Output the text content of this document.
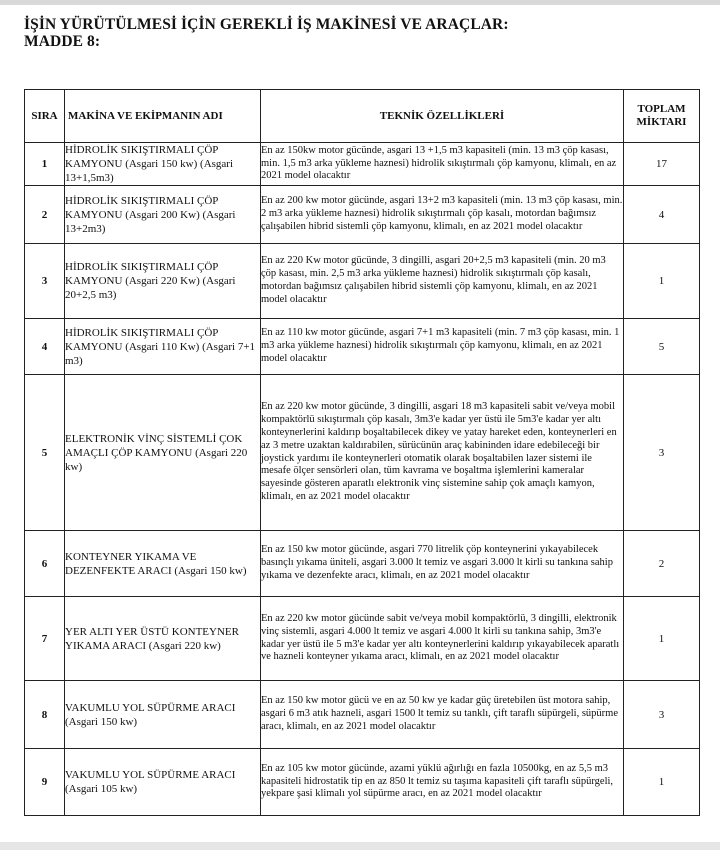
İŞİN YÜRÜTÜLMESİ İÇİN GEREKLİ İŞ MAKİNESİ VE ARAÇLAR:
MADDE 8:
SIRA	MAKİNA VE EKİPMANIN ADI	TEKNİK ÖZELLİKLERİ	TOPLAM
MİKTARI

1	HİDROLİK SIKIŞTIRMALI ÇÖP KAMYONU (Asgari 150 kw) (Asgari 13+1,5m3)	En az 150kw motor gücünde, asgari 13 +1,5 m3 kapasiteli (min. 13 m3 çöp kasası, min. 1,5 m3 arka yükleme haznesi) hidrolik sıkıştırmalı çöp kamyonu, klimalı, en az 2021 model olacaktır	17
2	HİDROLİK SIKIŞTIRMALI ÇÖP KAMYONU (Asgari 200 Kw) (Asgari 13+2m3)	En az 200 kw motor gücünde, asgari 13+2 m3 kapasiteli (min. 13 m3 çöp kasası, min. 2 m3 arka yükleme haznesi) hidrolik sıkıştırmalı çöp kasalı, motordan bağımsız çalışabilen hibrid sistemli çöp kamyonu, klimalı, en az 2021 model olacaktır	4
3	HİDROLİK SIKIŞTIRMALI ÇÖP KAMYONU (Asgari 220 Kw) (Asgari 20+2,5 m3)	En az 220 Kw motor gücünde, 3 dingilli, asgari 20+2,5 m3 kapasiteli (min. 20 m3 çöp kasası, min. 2,5 m3 arka yükleme haznesi) hidrolik sıkıştırmalı çöp kasalı, motordan bağımsız çalışabilen hibrid sistemli çöp kamyonu, klimalı, en az 2021 model olacaktır	1
4	HİDROLİK SIKIŞTIRMALI ÇÖP KAMYONU (Asgari 110 Kw) (Asgari 7+1 m3)	En az 110 kw motor gücünde, asgari 7+1 m3 kapasiteli (min. 7 m3 çöp kasası, min. 1 m3 arka yükleme haznesi) hidrolik sıkıştırmalı çöp kamyonu, klimalı, en az 2021 model olacaktır	5
5	ELEKTRONİK VİNÇ SİSTEMLİ ÇOK AMAÇLI ÇÖP KAMYONU (Asgari 220 kw)	En az 220 kw motor gücünde, 3 dingilli, asgari 18 m3 kapasiteli sabit ve/veya mobil kompaktörlü sıkıştırmalı çöp kasalı, 3m3'e kadar yer üstü ile 5m3'e kadar yer altı konteynerlerini kaldırıp boşaltabilecek dikey ve yatay hareket eden, konteynerleri en az 3 metre uzaktan kaldırabilen, sürücünün araç kabininden idare edebileceği bir joystick yardımı ile konteynerleri otomatik olarak boşaltabilen lazer sistemi ile mesafe ölçer sensörleri olan, tüm kavrama ve boşaltma işlemlerini kameralar sayesinde gösteren aparatlı elektronik vinç sistemine sahip çok amaçlı kamyon, klimalı, en az 2021 model olacaktır	3
6	KONTEYNER YIKAMA VE DEZENFEKTE ARACI (Asgari 150 kw)	En az 150 kw motor gücünde, asgari 770 litrelik çöp konteynerini yıkayabilecek basınçlı yıkama üniteli, asgari 3.000 lt temiz ve asgari 3.000 lt kirli su tankına sahip yıkama ve dezenfekte aracı, klimalı, en az 2021 model olacaktır	2
7	YER ALTI YER ÜSTÜ KONTEYNER YIKAMA ARACI (Asgari 220 kw)	En az 220 kw motor gücünde sabit ve/veya mobil kompaktörlü, 3 dingilli, elektronik vinç sistemli, asgari 4.000 lt temiz ve asgari 4.000 lt kirli su tankına sahip, 3m3'e kadar yer üstü ile 5 m3'e kadar yer altı konteynerlerini kaldırıp yıkayabilecek aparatlı ve hazneli konteyner yıkama aracı, klimalı, en az 2021 model olacaktır	1
8	VAKUMLU YOL SÜPÜRME ARACI (Asgari 150 kw)	En az 150 kw motor gücü ve en az 50 kw ye kadar güç üretebilen üst motora sahip, asgari 6 m3 atık hazneli, asgari 1500 lt temiz su tanklı, çift taraflı süpürgeli, süpürme aracı, klimalı, en az 2021 model olacaktır	3
9	VAKUMLU YOL SÜPÜRME ARACI (Asgari 105 kw)	En az 105 kw motor gücünde, azami yüklü ağırlığı en fazla 10500kg, en az 5,5 m3 kapasiteli hidrostatik tip en az 850 lt temiz su taşıma kapasiteli çift taraflı süpürgeli, yekpare şasi klimalı yol süpürme aracı, en az 2021 model olacaktır	1
